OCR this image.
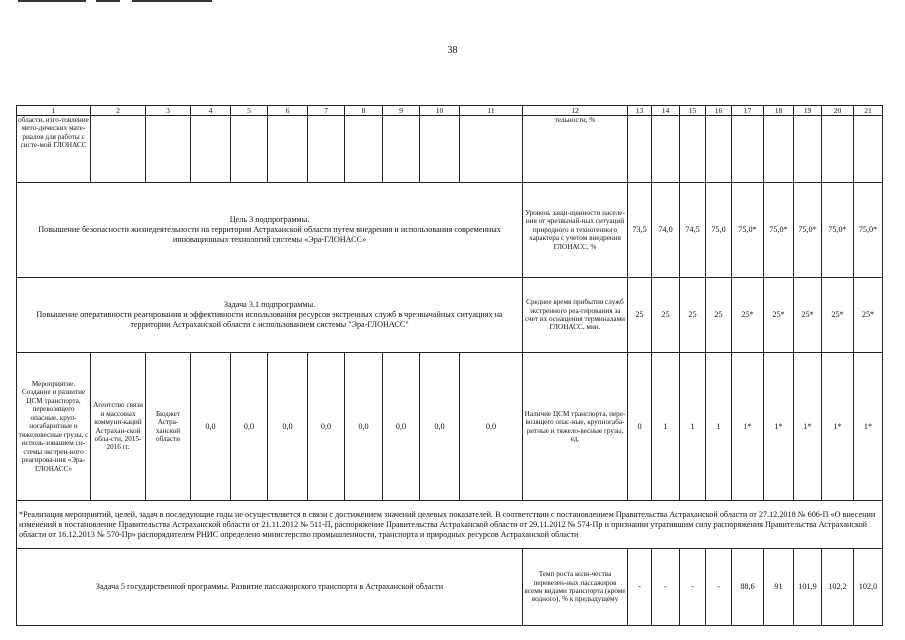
38
1	2	3	4	5	6	7	8	9	10	11	12	13	14	15	16	17	18	19	20	21
области, изго-товление мето-дических мате-риалов для работы с систе-мой ГЛОНАСС											тельности, %									

Цель 3 подпрограммы.
Повышение безопасности жизнедеятельности на территории Астраханской области путем внедрения и использования современных инновационных технологий системы «Эра-ГЛОНАСС»											Уровень защи-щенности населе-ния от чрезвычай-ных ситуаций природного и техногенного характера с учетом внедрения ГЛОНАСС, %	73,5	74,0	74,5	75,0	75,0*	75,0*	75,0*	75,0*	75,0*

Задача 3.1 подпрограммы.
Повышение оперативности реагирования и эффективности использования ресурсов экстренных служб в чрезвычайных ситуациях на территории Астраханской области с использованием системы "Эра-ГЛОНАСС"											Среднее время прибытия служб экстренного реа-гирования за счет их оснащения терминалами ГЛОНАСС, мин.	25	25	25	25	25*	25*	25*	25*	25*
Мероприятие. Создание и развитие ЦСМ транспорта, перевозящего опасные, круп-ногабаритные и тяжеловесные грузы, с исполь-зованием си-стемы экстрен-ного реагирова-ния «Эра-ГЛОНАСС»	Агентство связи и массовых коммуни-каций Астрахан-ской обла-сти, 2015-2016 гг.	Бюджет Астра-ханской области	0,0	0,0	0,0	0,0	0,0	0,0	0,0	0,0	Наличие ЦСМ транспорта, пере-возящего опас-ные, крупногаба-ритные и тяжело-весные грузы, ед.	0	1	1	1	1*	1*	1*	1*	1*
*Реализация мероприятий, целей, задач в последующие годы не осуществляется в связи с достижением значений целевых показателей. В соответствии с постановлением Правительства Астраханской области от 27.12.2018 № 606-П «О внесении изменений в постановление Правительства Астраханской области от 21.11.2012 № 511-П, распоряжение Правительства Астраханской области от 29.11.2012 № 574-Пр и признании утратившим силу распоряжения Правительства Астраханской области от 16.12.2013 № 570-Пр» распорядителем РНИС определено министерство промышленности, транспорта и природных ресурсов Астраханской области																				
Задача 5 государственной программы. Развитие пассажирского транспорта в Астраханской области											Темп роста коли-чества перевезен-ных пассажиров всеми видами транспорта (кроме водного), % к предыдущему	-	-	-	-	88,6	91	101,9	102,2	102,0
